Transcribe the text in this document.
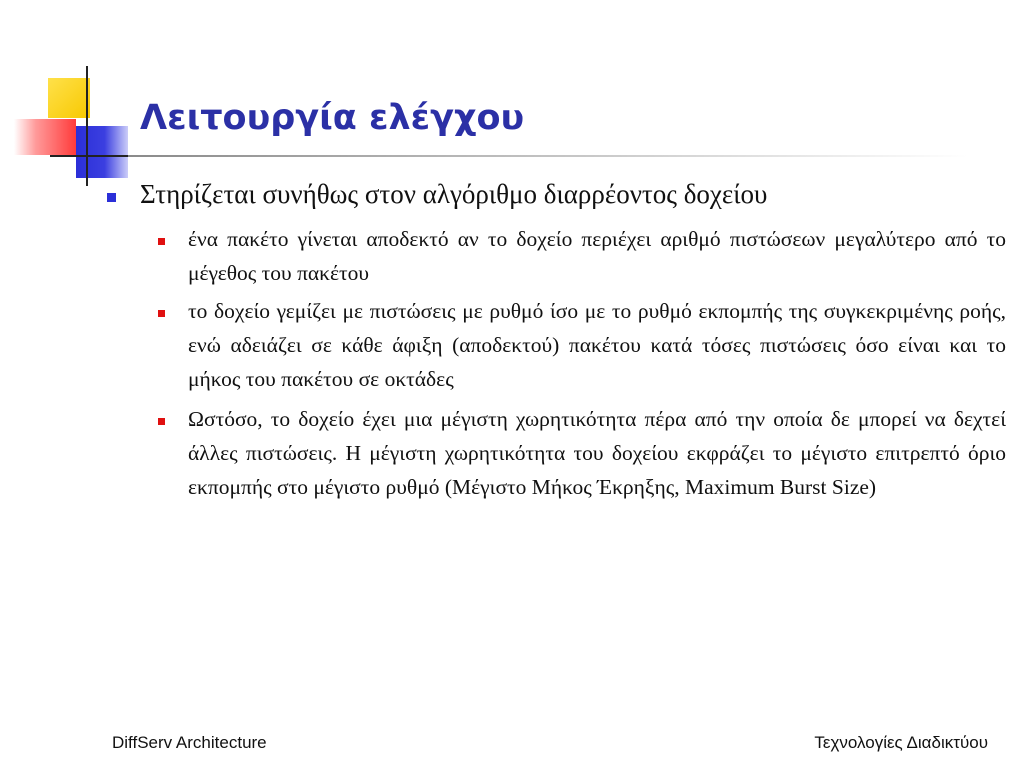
Λειτουργία ελέγχου
Στηρίζεται συνήθως στον αλγόριθμο διαρρέοντος δοχείου
ένα πακέτο γίνεται αποδεκτό αν το δοχείο περιέχει αριθμό πιστώσεων μεγαλύτερο από το μέγεθος του πακέτου
το δοχείο γεμίζει με πιστώσεις με ρυθμό ίσο με το ρυθμό εκπομπής της συγκεκριμένης ροής, ενώ αδειάζει σε κάθε άφιξη (αποδεκτού) πακέτου κατά τόσες πιστώσεις όσο είναι και το μήκος του πακέτου σε οκτάδες
Ωστόσο, το δοχείο έχει μια μέγιστη χωρητικότητα πέρα από την οποία δε μπορεί να δεχτεί άλλες πιστώσεις. Η μέγιστη χωρητικότητα του δοχείου εκφράζει το μέγιστο επιτρεπτό όριο εκπομπής στο μέγιστο ρυθμό (Μέγιστο Μήκος Έκρηξης, Maximum Burst Size)
DiffServ Architecture	Τεχνολογίες Διαδικτύου
